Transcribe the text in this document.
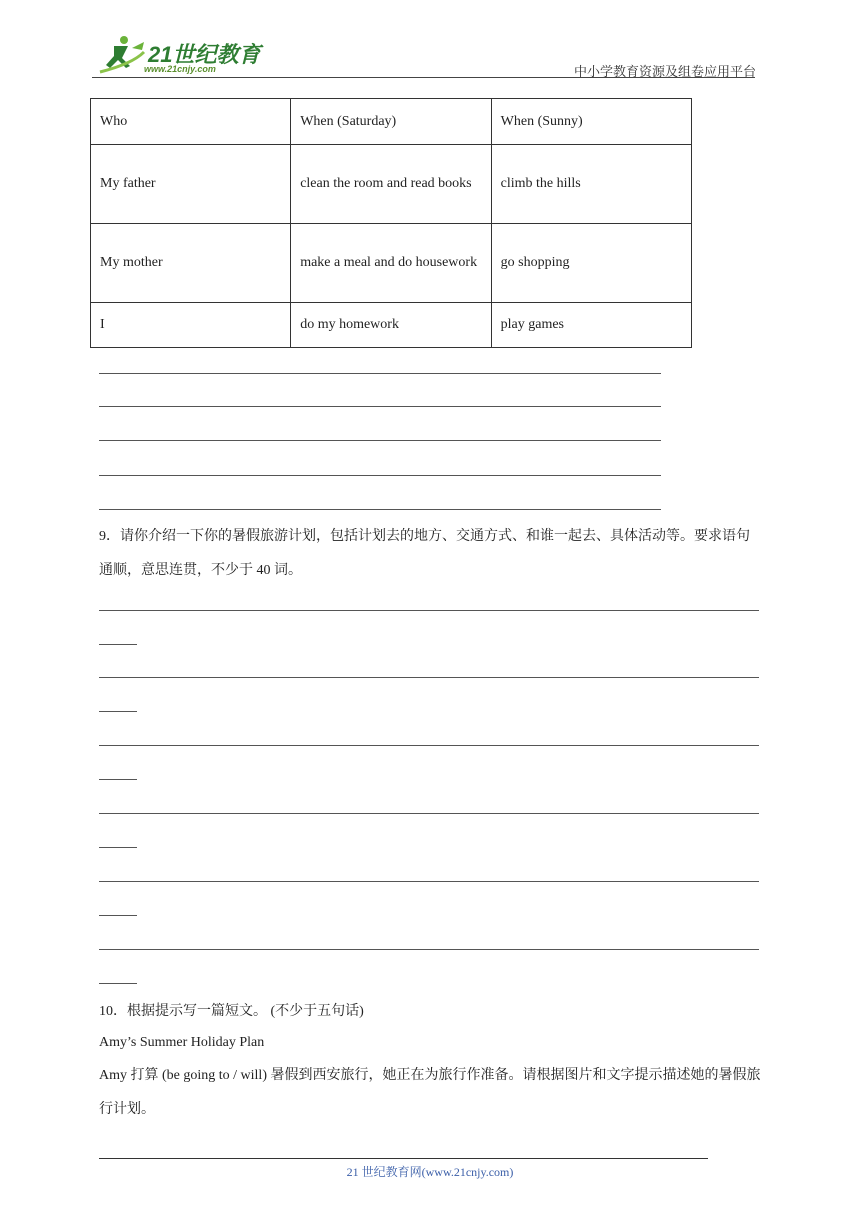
21世纪教育
www.21cnjy.com	中小学教育资源及组卷应用平台
Who	When (Saturday)	When (Sunny)
My father	clean the room and read books	climb the hills
My mother	make a meal and do housework	go shopping
I	do my homework	play games
9．请你介绍一下你的暑假旅游计划，包括计划去的地方、交通方式、和谁一起去、具体活动等。要求语句通顺，意思连贯，不少于 40 词。
10．根据提示写一篇短文。 (不少于五句话)
Amy’s Summer Holiday Plan
Amy 打算 (be going to / will) 暑假到西安旅行，她正在为旅行作准备。请根据图片和文字提示描述她的暑假旅行计划。
21 世纪教育网(www.21cnjy.com)
